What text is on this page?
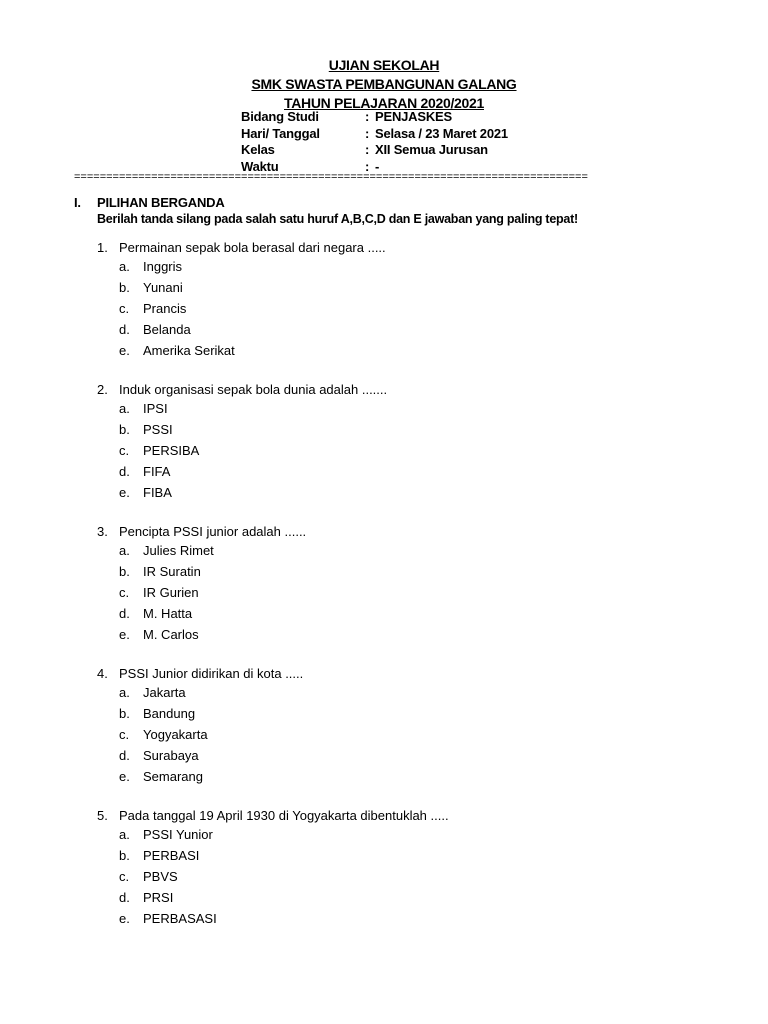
UJIAN SEKOLAH
SMK SWASTA PEMBANGUNAN GALANG
TAHUN PELAJARAN 2020/2021
Bidang Studi	: PENJASKES
Hari/ Tanggal	: Selasa / 23 Maret 2021
Kelas	: XII Semua Jurusan
Waktu	: -
================================================================================
I.	PILIHAN BERGANDA
Berilah tanda silang pada salah satu huruf A,B,C,D dan E jawaban yang paling tepat!
1. Permainan sepak bola berasal dari negara .....
a.	Inggris
b.	Yunani
c.	Prancis
d.	Belanda
e.	Amerika Serikat
2. Induk organisasi sepak bola dunia adalah .......
a.	IPSI
b.	PSSI
c.	PERSIBA
d.	FIFA
e.	FIBA
3. Pencipta PSSI junior adalah ......
a.	Julies Rimet
b.	IR Suratin
c.	IR Gurien
d.	M. Hatta
e.	M. Carlos
4. PSSI Junior didirikan di kota .....
a.	Jakarta
b.	Bandung
c.	Yogyakarta
d.	Surabaya
e.	Semarang
5. Pada tanggal 19 April 1930 di Yogyakarta dibentuklah .....
a.	PSSI Yunior
b.	PERBASI
c.	PBVS
d.	PRSI
e.	PERBASASI
